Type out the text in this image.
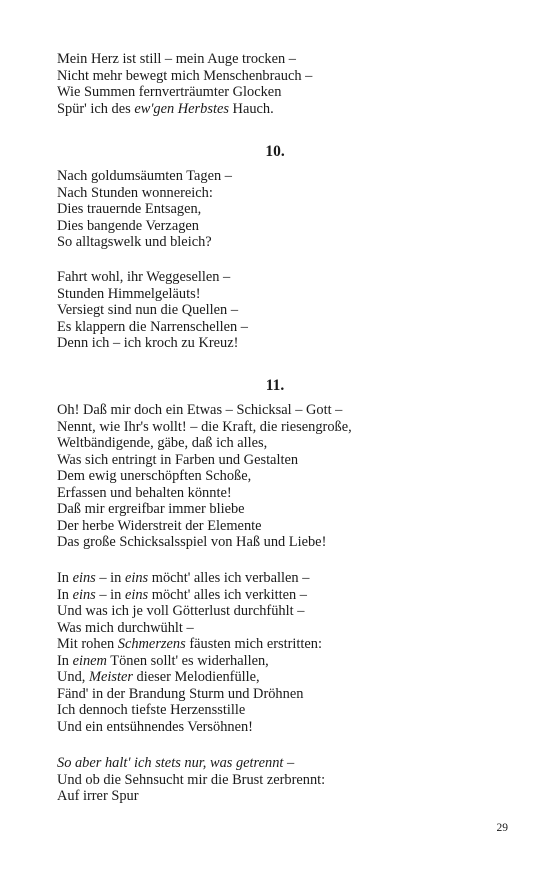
Mein Herz ist still – mein Auge trocken –
Nicht mehr bewegt mich Menschenbrauch –
Wie Summen fernverträumter Glocken
Spür' ich des ew'gen Herbstes Hauch.
10.
Nach goldumsäumten Tagen –
Nach Stunden wonnereich:
Dies trauernde Entsagen,
Dies bangende Verzagen
So alltagswelk und bleich?
Fahrt wohl, ihr Weggesellen –
Stunden Himmelgeläuts!
Versiegt sind nun die Quellen –
Es klappern die Narrenschellen –
Denn ich – ich kroch zu Kreuz!
11.
Oh! Daß mir doch ein Etwas – Schicksal – Gott –
Nennt, wie Ihr's wollt! – die Kraft, die riesengroße,
Weltbändigende, gäbe, daß ich alles,
Was sich entringt in Farben und Gestalten
Dem ewig unerschöpften Schoße,
Erfassen und behalten könnte!
Daß mir ergreifbar immer bliebe
Der herbe Widerstreit der Elemente
Das große Schicksalsspiel von Haß und Liebe!
In eins – in eins möcht' alles ich verballen –
In eins – in eins möcht' alles ich verkitten –
Und was ich je voll Götterlust durchfühlt –
Was mich durchwühlt –
Mit rohen Schmerzens fäusten mich erstritten:
In einem Tönen sollt' es widerhallen,
Und, Meister dieser Melodienfülle,
Fänd' in der Brandung Sturm und Dröhnen
Ich dennoch tiefste Herzensstille
Und ein entsühnendes Versöhnen!
So aber halt' ich stets nur, was getrennt –
Und ob die Sehnsucht mir die Brust zerbrennt:
Auf irrer Spur
29
